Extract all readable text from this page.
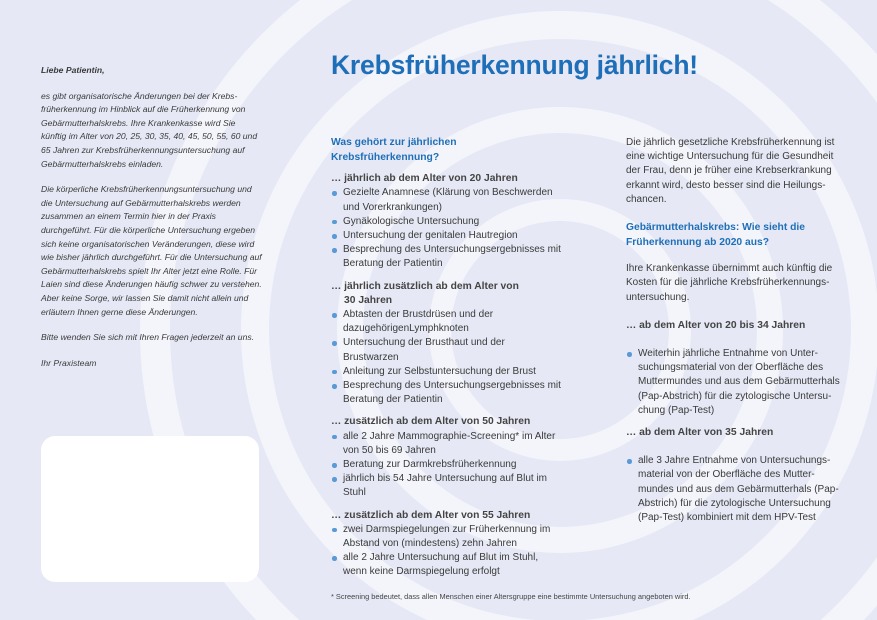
Liebe Patientin,

es gibt organisatorische Änderungen bei der Krebs-früherkennung im Hinblick auf die Früherkennung von Gebärmutterhalskrebs. Ihre Krankenkasse wird Sie künftig im Alter von 20, 25, 30, 35, 40, 45, 50, 55, 60 und 65 Jahren zur Krebsfrüherkennungsuntersuchung auf Gebärmutterhalskrebs einladen.

Die körperliche Krebsfrüherkennungsuntersuchung und die Untersuchung auf Gebärmutterhalskrebs werden zusammen an einem Termin hier in der Praxis durchgeführt. Für die körperliche Untersuchung ergeben sich keine organisatorischen Veränderungen, diese wird wie bisher jährlich durchgeführt. Für die Untersuchung auf Gebärmutterhalskrebs spielt Ihr Alter jetzt eine Rolle. Für Laien sind diese Änderungen häufig schwer zu verstehen. Aber keine Sorge, wir lassen Sie damit nicht allein und erläutern Ihnen gerne diese Änderungen.

Bitte wenden Sie sich mit Ihren Fragen jederzeit an uns.

Ihr Praxisteam

Krebsfrüherkennung jährlich!

Was gehört zur jährlichen Krebsfrüherkennung?

… jährlich ab dem Alter von 20 Jahren

Gezielte Anamnese (Klärung von Beschwerden und Vorerkrankungen)
Gynäkologische Untersuchung
Untersuchung der genitalen Hautregion
Besprechung des Untersuchungsergebnisses mit Beratung der Patientin

… jährlich zusätzlich ab dem Alter von

30 Jahren

Abtasten der Brustdrüsen und der dazugehörigenLymphknoten
Untersuchung der Brusthaut und der Brustwarzen
Anleitung zur Selbstuntersuchung der Brust
Besprechung des Untersuchungsergebnisses mit Beratung der Patientin

… zusätzlich ab dem Alter von 50 Jahren

alle 2 Jahre Mammographie-Screening* im Alter von 50 bis 69 Jahren
Beratung zur Darmkrebsfrüherkennung
jährlich bis 54 Jahre Untersuchung auf Blut im Stuhl

… zusätzlich ab dem Alter von 55 Jahren

zwei Darmspiegelungen zur Früherkennung im Abstand von (mindestens) zehn Jahren
alle 2 Jahre Untersuchung auf Blut im Stuhl, wenn keine Darmspiegelung erfolgt

Die jährlich gesetzliche Krebsfrüherkennung ist eine wichtige Untersuchung für die Gesundheit der Frau, denn je früher eine Krebserkrankung erkannt wird, desto besser sind die Heilungs-chancen.

Gebärmutterhalskrebs: Wie sieht die Früherkennung ab 2020 aus?

Ihre Krankenkasse übernimmt auch künftig die Kosten für die jährliche Krebsfrüherkennungs-untersuchung.

… ab dem Alter von 20 bis 34 Jahren

Weiterhin jährliche Entnahme von Unter-suchungsmaterial von der Oberfläche des Muttermundes und aus dem Gebärmutterhals (Pap-Abstrich) für die zytologische Untersu-chung (Pap-Test)

… ab dem Alter von 35 Jahren

alle 3 Jahre Entnahme von Untersuchungs-material von der Oberfläche des Mutter-mundes und aus dem Gebärmutterhals (Pap-Abstrich) für die zytologische Untersuchung (Pap-Test) kombiniert mit dem HPV-Test

* Screening bedeutet, dass allen Menschen einer Altersgruppe eine bestimmte Untersuchung angeboten wird.
